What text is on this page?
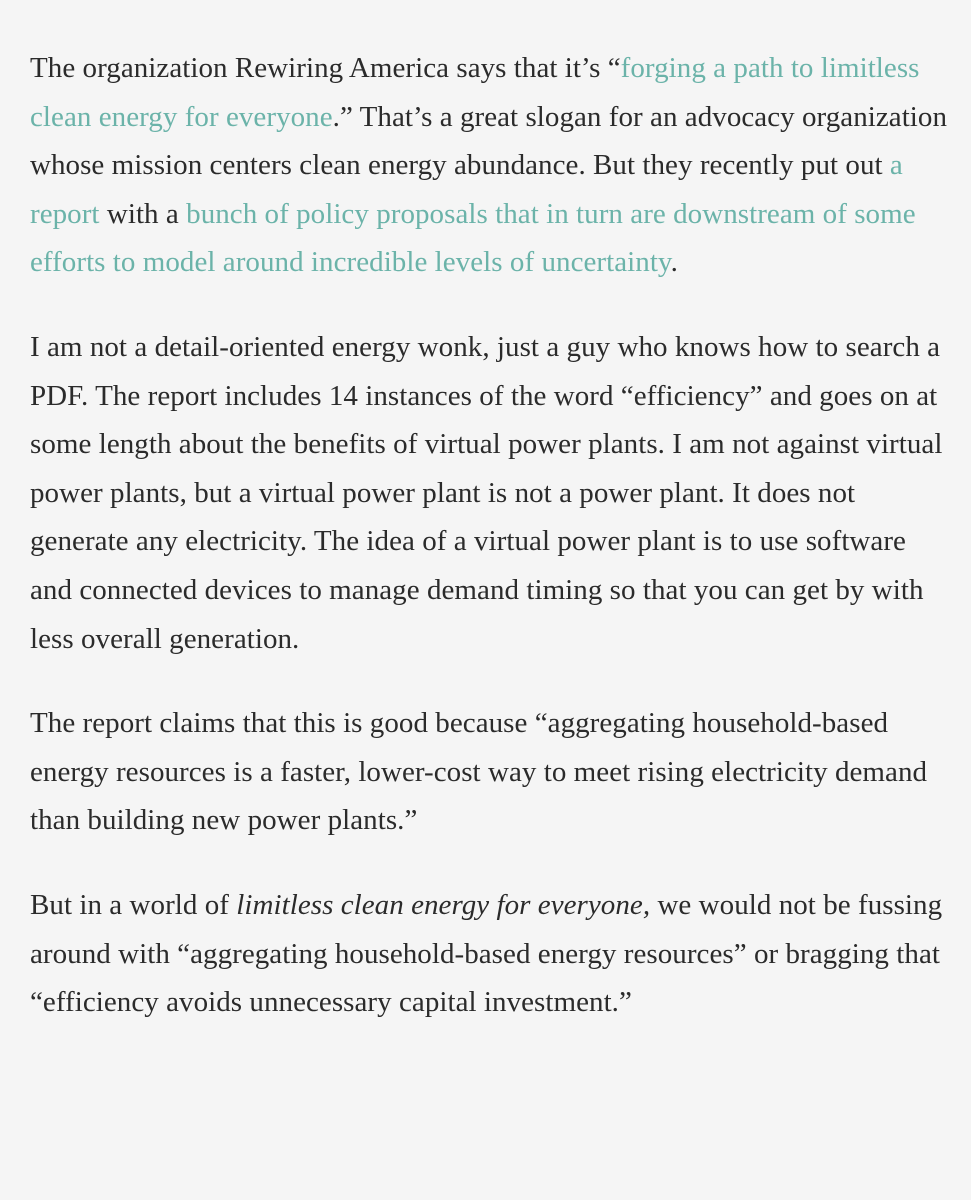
The organization Rewiring America says that it’s “forging a path to limitless clean energy for everyone.” That’s a great slogan for an advocacy organization whose mission centers clean energy abundance. But they recently put out a report with a bunch of policy proposals that in turn are downstream of some efforts to model around incredible levels of uncertainty.

I am not a detail-oriented energy wonk, just a guy who knows how to search a PDF. The report includes 14 instances of the word “efficiency” and goes on at some length about the benefits of virtual power plants. I am not against virtual power plants, but a virtual power plant is not a power plant. It does not generate any electricity. The idea of a virtual power plant is to use software and connected devices to manage demand timing so that you can get by with less overall generation.

The report claims that this is good because “aggregating household-based energy resources is a faster, lower-cost way to meet rising electricity demand than building new power plants.”

But in a world of limitless clean energy for everyone, we would not be fussing around with “aggregating household-based energy resources” or bragging that “efficiency avoids unnecessary capital investment.”
